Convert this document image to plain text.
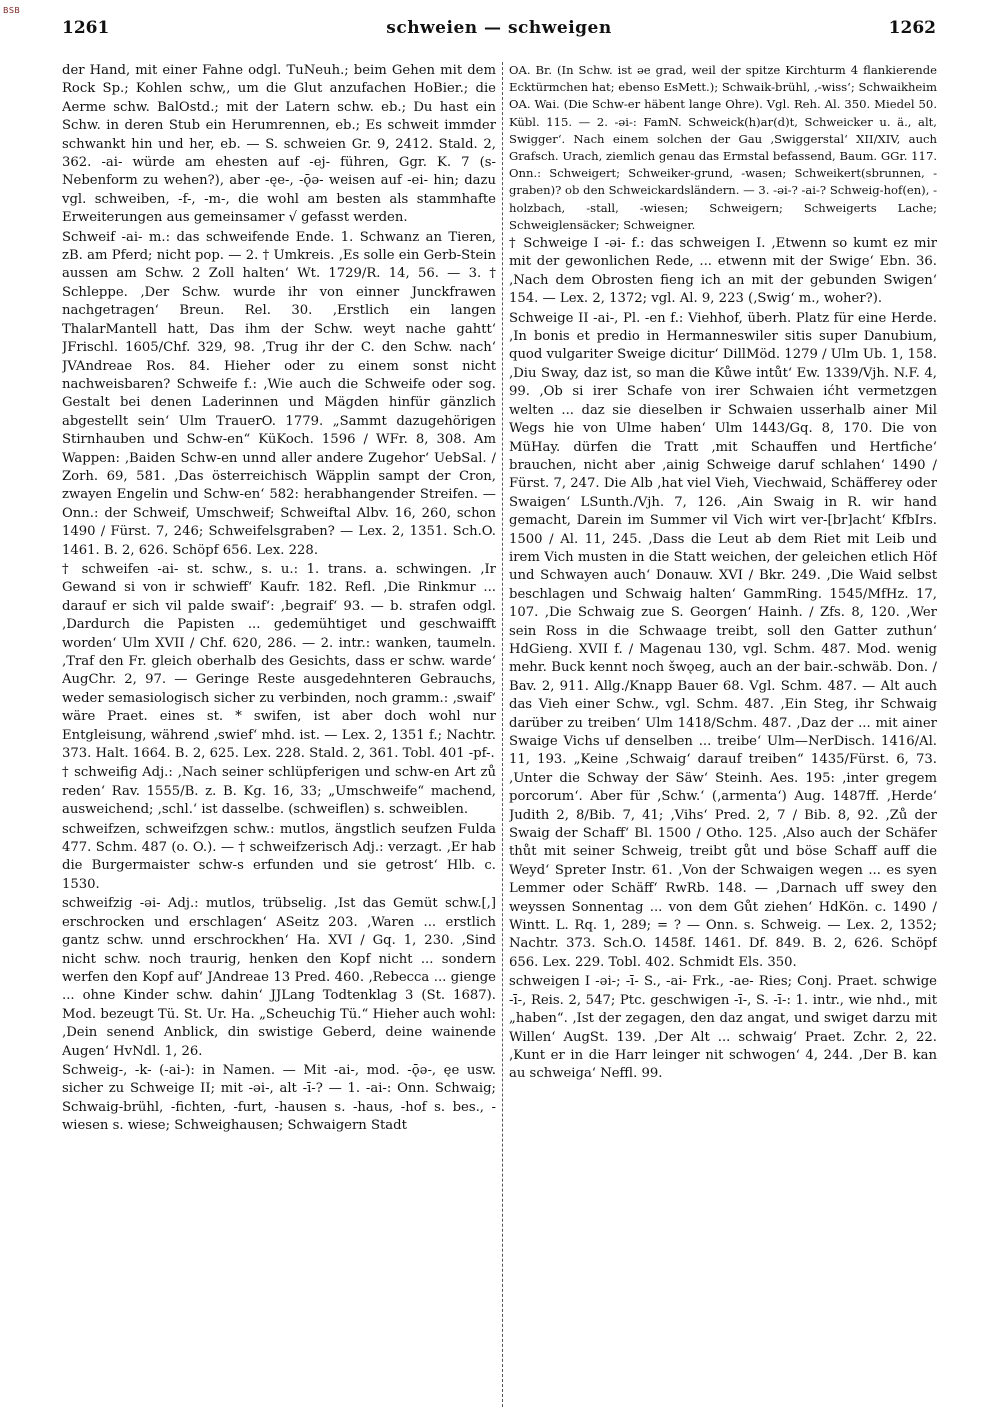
BSB
1261	schweien — schweigen	1262

der Hand, mit einer Fahne odgl. TuNeuh.; beim Gehen mit dem Rock Sp.; Kohlen schw,, um die Glut anzufachen HoBier.; die Aerme schw. BalOstd.; mit der Latern schw. eb.; Du hast ein Schw. in deren Stub ein Herumrennen, eb.; Es schweit immder schwankt hin und her, eb. — S. schweien Gr. 9, 2412. Stald. 2, 362. -ai- würde am ehesten auf -ej- führen, Ggr. K. 7 (s- Nebenform zu wehen?), aber -ęe-, -ǭə- weisen auf -ei- hin; dazu vgl. schweiben, -f-, -m-, die wohl am besten als stammhafte Erweiterungen aus gemeinsamer √ gefasst werden.

Schweif -ai- m.: das schweifende Ende. 1. Schwanz an Tieren, zB. am Pferd; nicht pop. — 2. † Umkreis. ‚Es solle ein Gerb-Stein aussen am Schw. 2 Zoll halten‘ Wt. 1729/R. 14, 56. — 3. † Schleppe. ‚Der Schw. wurde ihr von einner Junckfrawen nachgetragen‘ Breun. Rel. 30. ‚Erstlich ein langen ThalarMantell hatt, Das ihm der Schw. weyt nache gahtt‘ JFrischl. 1605/Chf. 329, 98. ‚Trug ihr der C. den Schw. nach‘ JVAndreae Ros. 84. Hieher oder zu einem sonst nicht nachweisbaren? Schweife f.: ‚Wie auch die Schweife oder sog. Gestalt bei denen Laderinnen und Mägden hinfür gänzlich abgestellt sein‘ Ulm TrauerO. 1779. „Sammt dazugehörigen Stirnhauben und Schw-en“ KüKoch. 1596 / WFr. 8, 308. Am Wappen: ‚Baiden Schw-en unnd aller andere Zugehor‘ UebSal. / Zorh. 69, 581. ‚Das österreichisch Wäpplin sampt der Cron, zwayen Engelin und Schw-en‘ 582: herabhangender Streifen. — Onn.: der Schweif, Umschweif; Schweiftal Albv. 16, 260, schon 1490 / Fürst. 7, 246; Schweifelsgraben? — Lex. 2, 1351. Sch.O. 1461. B. 2, 626. Schöpf 656. Lex. 228.

† schweifen -ai- st. schw., s. u.: 1. trans. a. schwingen. ‚Ir Gewand si von ir schwieff‘ Kaufr. 182. Refl. ‚Die Rinkmur ... darauf er sich vil palde swaif‘: ‚begraif‘ 93. — b. strafen odgl. ‚Dardurch die Papisten ... gedemühtiget und geschwaifft worden‘ Ulm XVII / Chf. 620, 286. — 2. intr.: wanken, taumeln. ‚Traf den Fr. gleich oberhalb des Gesichts, dass er schw. warde‘ AugChr. 2, 97. — Geringe Reste ausgedehnteren Gebrauchs, weder semasiologisch sicher zu verbinden, noch gramm.: ‚swaif‘ wäre Praet. eines st. * swifen, ist aber doch wohl nur Entgleisung, während ‚swief‘ mhd. ist. — Lex. 2, 1351 f.; Nachtr. 373. Halt. 1664. B. 2, 625. Lex. 228. Stald. 2, 361. Tobl. 401 -pf-.

† schweifig Adj.: ‚Nach seiner schlüpferigen und schw-en Art zů reden‘ Rav. 1555/B. z. B. Kg. 16, 33; „Umschweife“ machend, ausweichend; ‚schl.‘ ist dasselbe. (schweiflen) s. schweiblen.

schweifzen, schweifzgen schw.: mutlos, ängstlich seufzen Fulda 477. Schm. 487 (o. O.). — † schweifzerisch Adj.: verzagt. ‚Er hab die Burgermaister schw-s erfunden und sie getrost‘ Hlb. c. 1530.

schweifzig -əi- Adj.: mutlos, trübselig. ‚Ist das Gemüt schw.[,] erschrocken und erschlagen‘ ASeitz 203. ‚Waren ... erstlich gantz schw. unnd erschrockhen‘ Ha. XVI / Gq. 1, 230. ‚Sind nicht schw. noch traurig, henken den Kopf nicht ... sondern werfen den Kopf auf‘ JAndreae 13 Pred. 460. ‚Rebecca ... gienge ... ohne Kinder schw. dahin‘ JJLang Todtenklag 3 (St. 1687). Mod. bezeugt Tü. St. Ur. Ha. „Scheuchig Tü.“ Hieher auch wohl: ‚Dein senend Anblick, din swistige Geberd, deine wainende Augen‘ HvNdl. 1, 26.

Schweig-, -k- (-ai-): in Namen. — Mit -ai-, mod. -ǭə-, ęe usw. sicher zu Schweige II; mit -əi-, alt -ī-? — 1. -ai-: Onn. Schwaig; Schwaig-brühl, -fichten, -furt, -hausen s. -haus, -hof s. bes., -wiesen s. wiese; Schweighausen; Schwaigern Stadt

OA. Br. (In Schw. ist ǝe grad, weil der spitze Kirchturm 4 flankierende Ecktürmchen hat; ebenso EsMett.); Schwaik-brühl, ‚-wiss‘; Schwaikheim OA. Wai. (Die Schw-er häbent lange Ohre). Vgl. Reh. Al. 350. Miedel 50. Kübl. 115. — 2. -əi-: FamN. Schweick(h)ar(d)t, Schweicker u. ä., alt, Swigger‘. Nach einem solchen der Gau ‚Swiggerstal‘ XII/XIV, auch Grafsch. Urach, ziemlich genau das Ermstal befassend, Baum. GGr. 117. Onn.: Schweigert; Schweiker-grund, -wasen; Schweikert(sbrunnen, -graben)? ob den Schweickardsländern. — 3. -əi-? -ai-? Schweig-hof(en), -holzbach, -stall, -wiesen; Schweigern; Schweigerts Lache; Schweiglensäcker; Schweigner.

† Schweige I -əi- f.: das schweigen I. ‚Etwenn so kumt ez mir mit der gewonlichen Rede, ... etwenn mit der Swige‘ Ebn. 36. ‚Nach dem Obrosten fieng ich an mit der gebunden Swigen‘ 154. — Lex. 2, 1372; vgl. Al. 9, 223 (‚Swig‘ m., woher?).

Schweige II -ai-, Pl. -en f.: Viehhof, überh. Platz für eine Herde. ‚In bonis et predio in Hermanneswiler sitis super Danubium, quod vulgariter Sweige dicitur‘ DillMöd. 1279 / Ulm Ub. 1, 158. ‚Diu Sway, daz ist, so man die Kůwe intůt‘ Ew. 1339/Vjh. N.F. 4, 99. ‚Ob si irer Schafe von irer Schwaien ićht vermetzgen welten ... daz sie dieselben ir Schwaien usserhalb ainer Mil Wegs hie von Ulme haben‘ Ulm 1443/Gq. 8, 170. Die von MüHay. dürfen die Tratt ‚mit Schauffen und Hertfiche‘ brauchen, nicht aber ‚ainig Schweige daruf schlahen‘ 1490 / Fürst. 7, 247. Die Alb ‚hat viel Vieh, Viechwaid, Schäfferey oder Swaigen‘ LSunth./Vjh. 7, 126. ‚Ain Swaig in R. wir hand gemacht, Darein im Summer vil Vich wirt ver-[br]acht‘ KfbIrs. 1500 / Al. 11, 245. ‚Dass die Leut ab dem Riet mit Leib und irem Vich musten in die Statt weichen, der geleichen etlich Höf und Schwayen auch‘ Donauw. XVI / Bkr. 249. ‚Die Waid selbst beschlagen und Schwaig halten‘ GammRing. 1545/MfHz. 17, 107. ‚Die Schwaig zue S. Georgen‘ Hainh. / Zfs. 8, 120. ‚Wer sein Ross in die Schwaage treibt, soll den Gatter zuthun‘ HdGieng. XVII f. / Magenau 130, vgl. Schm. 487. Mod. wenig mehr. Buck kennt noch šwǫeg, auch an der bair.-schwäb. Don. / Bav. 2, 911. Allg./Knapp Bauer 68. Vgl. Schm. 487. — Alt auch das Vieh einer Schw., vgl. Schm. 487. ‚Ein Steg, ihr Schwaig darüber zu treiben‘ Ulm 1418/Schm. 487. ‚Daz der ... mit ainer Swaige Vichs uf denselben ... treibe‘ Ulm—NerDisch. 1416/Al. 11, 193. „Keine ‚Schwaig‘ darauf treiben“ 1435/Fürst. 6, 73. ‚Unter die Schway der Säw‘ Steinh. Aes. 195: ‚inter gregem porcorum‘. Aber für ‚Schw.‘ (‚armenta‘) Aug. 1487ff. ‚Herde‘ Judith 2, 8/Bib. 7, 41; ‚Vihs‘ Pred. 2, 7 / Bib. 8, 92. ‚Zů der Swaig der Schaff‘ Bl. 1500 / Otho. 125. ‚Also auch der Schäfer thůt mit seiner Schweig, treibt gůt und böse Schaff auff die Weyd‘ Spreter Instr. 61. ‚Von der Schwaigen wegen ... es syen Lemmer oder Schäff‘ RwRb. 148. — ‚Darnach uff swey den weyssen Sonnentag ... von dem Gůt ziehen‘ HdKön. c. 1490 / Wintt. L. Rq. 1, 289; = ? — Onn. s. Schweig. — Lex. 2, 1352; Nachtr. 373. Sch.O. 1458f. 1461. Df. 849. B. 2, 626. Schöpf 656. Lex. 229. Tobl. 402. Schmidt Els. 350.

schweigen I -əi-; -ī- S., -ai- Frk., -ae- Ries; Conj. Praet. schwige -ī-, Reis. 2, 547; Ptc. geschwigen -ī-, S. -ī-: 1. intr., wie nhd., mit „haben“. ‚Ist der zegagen, den daz angat, und swiget darzu mit Willen‘ AugSt. 139. ‚Der Alt ... schwaig‘ Praet. Zchr. 2, 22. ‚Kunt er in die Harr leinger nit schwogen‘ 4, 244. ‚Der B. kan au schweiga‘ Neffl. 99.
